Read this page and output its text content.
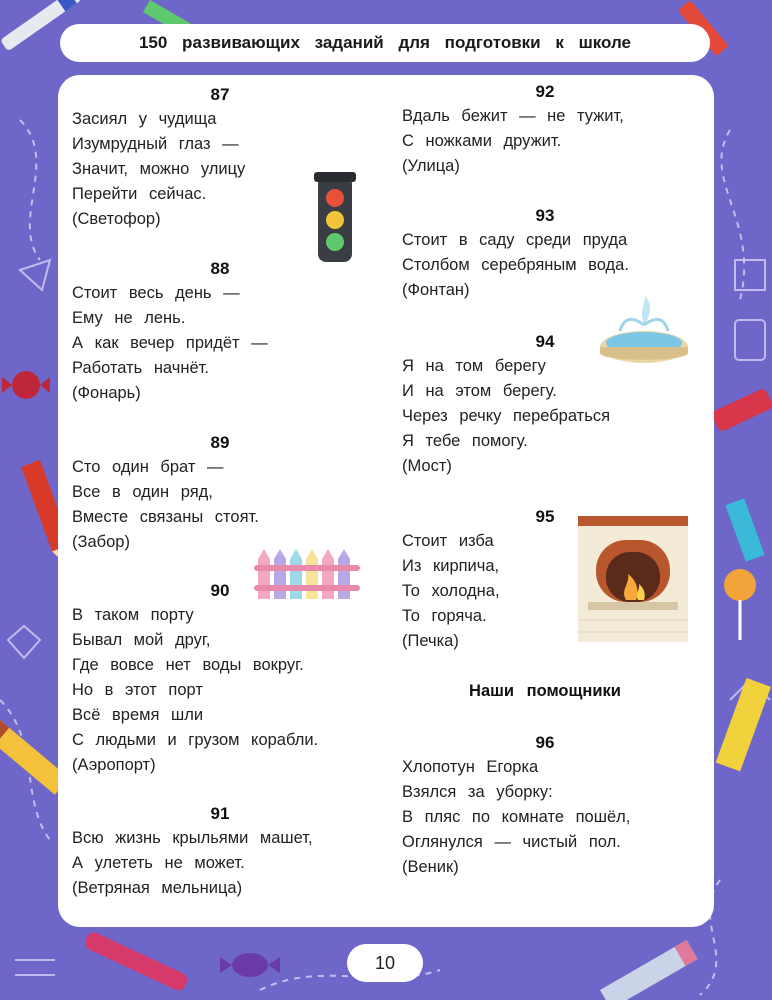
150 развивающих заданий для подготовки к школе
87
Засиял у чудища
Изумрудный глаз —
Значит, можно улицу
Перейти сейчас.
(Светофор)
88
Стоит весь день —
Ему не лень.
А как вечер придёт —
Работать начнёт.
(Фонарь)
89
Сто один брат —
Все в один ряд,
Вместе связаны стоят.
(Забор)
90
В таком порту
Бывал мой друг,
Где вовсе нет воды вокруг.
Но в этот порт
Всё время шли
С людьми и грузом корабли.
(Аэропорт)
91
Всю жизнь крыльями машет,
А улететь не может.
(Ветряная мельница)
92
Вдаль бежит — не тужит,
С ножками дружит.
(Улица)
93
Стоит в саду среди пруда
Столбом серебряным вода.
(Фонтан)
94
Я на том берегу
И на этом берегу.
Через речку перебраться
Я тебе помогу.
(Мост)
95
Стоит изба
Из кирпича,
То холодна,
То горяча.
(Печка)
Наши помощники
96
Хлопотун Егорка
Взялся за уборку:
В пляс по комнате пошёл,
Оглянулся — чистый пол.
(Веник)
10
